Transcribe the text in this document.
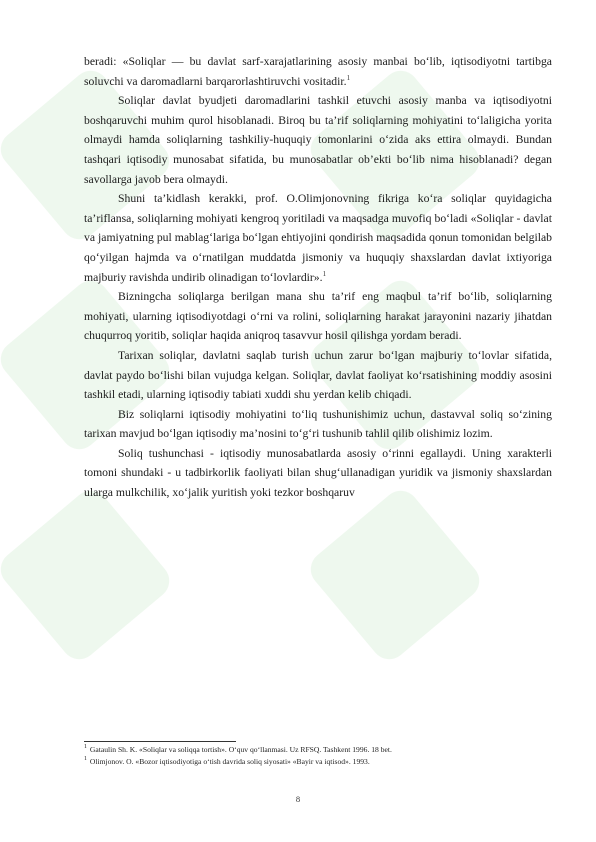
beradi: «Soliqlar — bu davlat sarf-xarajatlarining asosiy manbai bo‘lib, iqtisodiyotni tartibga soluvchi va daromadlarni barqarorlashtiruvchi vositadir.$^1$

Soliqlar davlat byudjeti daromadlarini tashkil etuvchi asosiy manba va iqtisodiyotni boshqaruvchi muhim qurol hisoblanadi. Biroq bu ta’rif soliqlarning mohiyatini to‘laligicha yorita olmaydi hamda soliqlarning tashkiliy-huquqiy tomonlarini o‘zida aks ettira olmaydi. Bundan tashqari iqtisodiy munosabat sifatida, bu munosabatlar ob’ekti bo‘lib nima hisoblanadi? degan savollarga javob bera olmaydi.

Shuni ta’kidlash kerakki, prof. O.Olimjonovning fikriga ko‘ra soliqlar quyidagicha ta’riflansa, soliqlarning mohiyati kengroq yoritiladi va maqsadga muvofiq bo‘ladi «Soliqlar - davlat va jamiyatning pul mablag‘lariga bo‘lgan ehtiyojini qondirish maqsadida qonun tomonidan belgilab qo‘yilgan hajmda va o‘rnatilgan muddatda jismoniy va huquqiy shaxslardan davlat ixtiyoriga majburiy ravishda undirib olinadigan to‘lovlardir».$^1$

Bizningcha soliqlarga berilgan mana shu ta’rif eng maqbul ta’rif bo‘lib, soliqlarning mohiyati, ularning iqtisodiyotdagi o‘rni va rolini, soliqlarning harakat jarayonini nazariy jihatdan chuqurroq yoritib, soliqlar haqida aniqroq tasavvur hosil qilishga yordam beradi.

Tarixan soliqlar, davlatni saqlab turish uchun zarur bo‘lgan majburiy to‘lovlar sifatida, davlat paydo bo‘lishi bilan vujudga kelgan. Soliqlar, davlat faoliyat ko‘rsatishining moddiy asosini tashkil etadi, ularning iqtisodiy tabiati xuddi shu yerdan kelib chiqadi.

Biz soliqlarni iqtisodiy mohiyatini to‘liq tushunishimiz uchun, dastavval soliq so‘zining tarixan mavjud bo‘lgan iqtisodiy ma’nosini to‘g‘ri tushunib tahlil qilib olishimiz lozim.

Soliq tushunchasi - iqtisodiy munosabatlarda asosiy o‘rinni egallaydi. Uning xarakterli tomoni shundaki - u tadbirkorlik faoliyati bilan shug‘ullanadigan yuridik va jismoniy shaxslardan ularga mulkchilik, xo‘jalik yuritish yoki tezkor boshqaruv

$^1$ Gataulin Sh. K. «Soliqlar va soliqqa tortish». O‘quv qo‘llanmasi. Uz RFSQ. Tashkent 1996. 18 bet.
$^1$ Olimjonov. O. «Bozor iqtisodiyotiga o‘tish davrida soliq siyosati» «Bayir va iqtisod». 1993.
8
